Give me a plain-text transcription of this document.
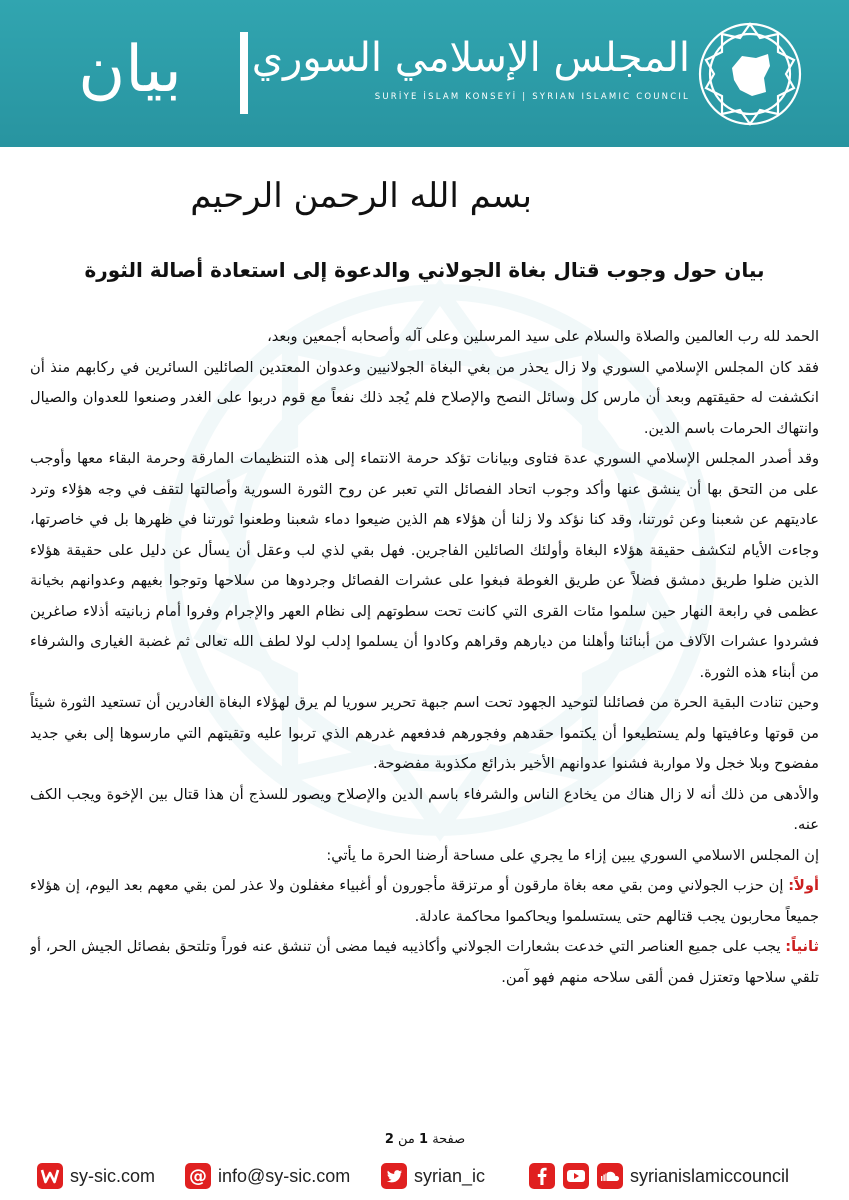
بيان	المجلس الإسلامي السوري
SURİYE İSLAM KONSEYİ | SYRIAN ISLAMIC COUNCIL
بسم الله الرحمن الرحيم
بيان حول وجوب قتال بغاة الجولاني والدعوة إلى استعادة أصالة الثورة

الحمد لله رب العالمين والصلاة والسلام على سيد المرسلين وعلى آله وأصحابه أجمعين وبعد،

فقد كان المجلس الإسلامي السوري ولا زال يحذر من بغي البغاة الجولانيين وعدوان المعتدين الصائلين السائرين في ركابهم منذ أن انكشفت له حقيقتهم وبعد أن مارس كل وسائل النصح والإصلاح فلم يُجد ذلك نفعاً مع قوم دربوا على الغدر وصنعوا للعدوان والصيال وانتهاك الحرمات باسم الدين.

وقد أصدر المجلس الإسلامي السوري عدة فتاوى وبيانات تؤكد حرمة الانتماء إلى هذه التنظيمات المارقة وحرمة البقاء معها وأوجب على من التحق بها أن ينشق عنها وأكد وجوب اتحاد الفصائل التي تعبر عن روح الثورة السورية وأصالتها لتقف في وجه هؤلاء وترد عاديتهم عن شعبنا وعن ثورتنا، وقد كنا نؤكد ولا زلنا أن هؤلاء هم الذين ضيعوا دماء شعبنا وطعنوا ثورتنا في ظهرها بل في خاصرتها، وجاءت الأيام لتكشف حقيقة هؤلاء البغاة وأولئك الصائلين الفاجرين. فهل بقي لذي لب وعقل أن يسأل عن دليل على حقيقة هؤلاء الذين ضلوا طريق دمشق فضلاً عن طريق الغوطة فبغوا على عشرات الفصائل وجردوها من سلاحها وتوجوا بغيهم وعدوانهم بخيانة عظمى في رابعة النهار حين سلموا مئات القرى التي كانت تحت سطوتهم إلى نظام العهر والإجرام وفروا أمام زبانيته أذلاء صاغرين فشردوا عشرات الآلاف من أبنائنا وأهلنا من ديارهم وقراهم وكادوا أن يسلموا إدلب لولا لطف الله تعالى ثم غضبة الغيارى والشرفاء من أبناء هذه الثورة.

وحين تنادت البقية الحرة من فصائلنا لتوحيد الجهود تحت اسم جبهة تحرير سوريا لم يرق لهؤلاء البغاة الغادرين أن تستعيد الثورة شيئاً من قوتها وعافيتها ولم يستطيعوا أن يكتموا حقدهم وفجورهم فدفعهم غدرهم الذي تربوا عليه وتقيتهم التي مارسوها إلى بغي جديد مفضوح وبلا خجل ولا مواربة فشنوا عدوانهم الأخير بذرائع مكذوبة مفضوحة.

والأدهى من ذلك أنه لا زال هناك من يخادع الناس والشرفاء باسم الدين والإصلاح ويصور للسذج أن هذا قتال بين الإخوة ويجب الكف عنه.

إن المجلس الاسلامي السوري يبين إزاء ما يجري على مساحة أرضنا الحرة ما يأتي:

أولاً: إن حزب الجولاني ومن بقي معه بغاة مارقون أو مرتزقة مأجورون أو أغبياء مغفلون ولا عذر لمن بقي معهم بعد اليوم، إن هؤلاء جميعاً محاربون يجب قتالهم حتى يستسلموا ويحاكموا محاكمة عادلة.

ثانياً: يجب على جميع العناصر التي خدعت بشعارات الجولاني وأكاذيبه فيما مضى أن تنشق عنه فوراً وتلتحق بفصائل الجيش الحر، أو تلقي سلاحها وتعتزل فمن ألقى سلاحه منهم فهو آمن.

صفحة 1 من 2
sy-sic.com @ info@sy-sic.com	syrian_ic	syrianislamiccouncil
